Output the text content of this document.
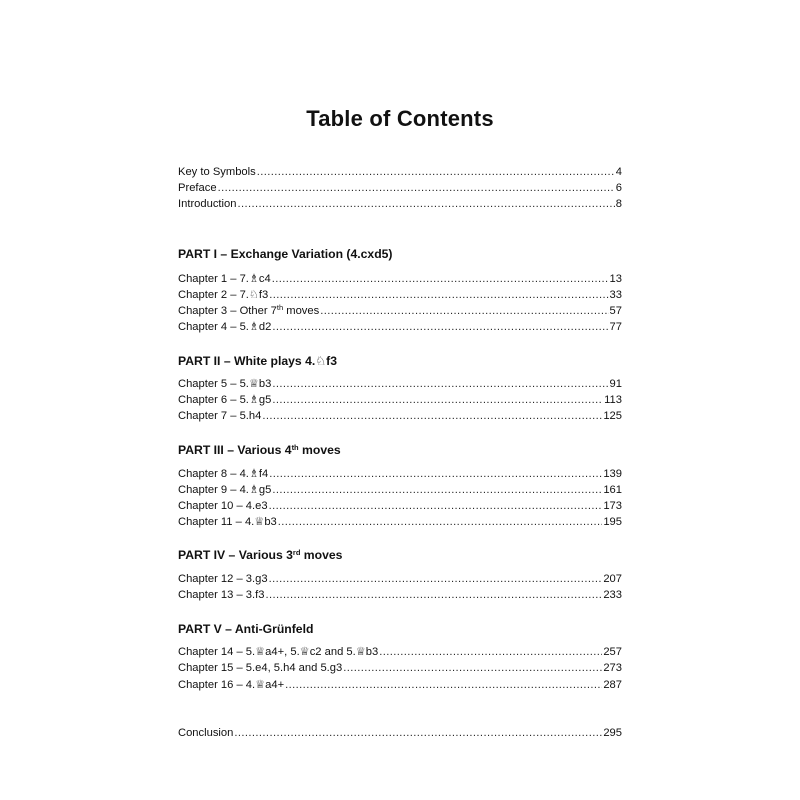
Table of Contents
Key to Symbols .....	4
Preface .....	6
Introduction .....	8
PART I – Exchange Variation (4.cxd5)
Chapter 1 – 7.♗c4 .....	13
Chapter 2 – 7.♘f3 .....	33
Chapter 3 – Other 7th moves .....	57
Chapter 4 – 5.♗d2 .....	77
PART II – White plays 4.♘f3
Chapter 5 – 5.♕b3 .....	91
Chapter 6 – 5.♗g5 .....	113
Chapter 7 – 5.h4 .....	125
PART III – Various 4th moves
Chapter 8 – 4.♗f4 .....	139
Chapter 9 – 4.♗g5 .....	161
Chapter 10 – 4.e3 .....	173
Chapter 11 – 4.♕b3 .....	195
PART IV – Various 3rd moves
Chapter 12 – 3.g3 .....	207
Chapter 13 – 3.f3 .....	233
PART V – Anti-Grünfeld
Chapter 14 – 5.♕a4+, 5.♕c2 and 5.♕b3 .....	257
Chapter 15 – 5.e4, 5.h4 and 5.g3 .....	273
Chapter 16 – 4.♕a4+ .....	287
Conclusion .....	295
